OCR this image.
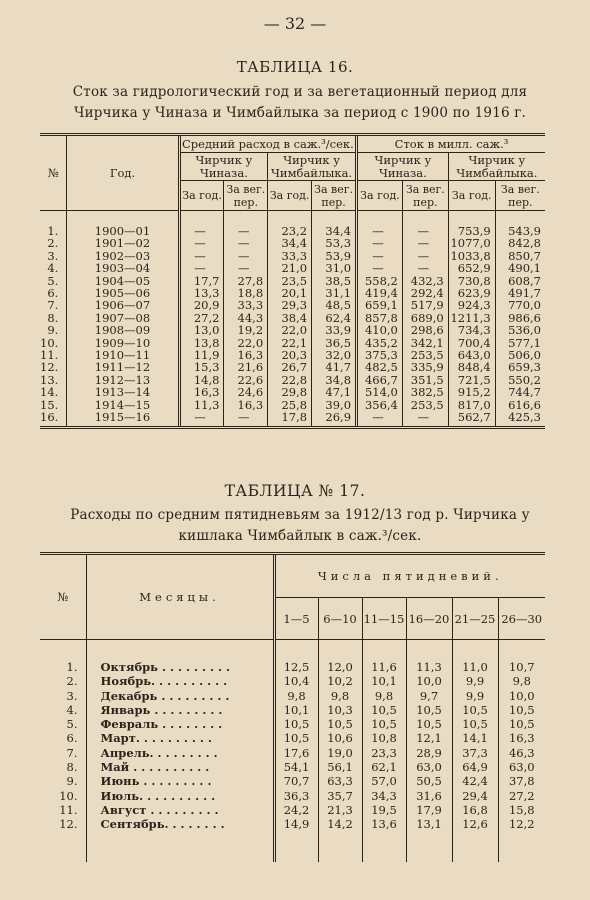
— 32 —
ТАБЛИЦА 16.
Сток за гидрологический год и за вегетационный период для Чирчика у Чиназа и Чимбайлыка за период с 1900 по 1916 г.
№	Год.	Средний расход в саж.³/сек.				Сток в милл. саж.³			
		Чирчик у Чиназа.		Чирчик у Чимбайлыка.		Чирчик у Чиназа.		Чирчик у Чимбайлыка.	
		За год.	За вег. пер.	За год.	За вег. пер.	За год.	За вег. пер.	За год.	За вег. пер.
1.	1900—01	—	—	23,2	34,4	—	—	753,9	543,9
2.	1901—02	—	—	34,4	53,3	—	—	1077,0	842,8
3.	1902—03	—	—	33,3	53,9	—	—	1033,8	850,7
4.	1903—04	—	—	21,0	31,0	—	—	652,9	490,1
5.	1904—05	17,7	27,8	23,5	38,5	558,2	432,3	730,8	608,7
6.	1905—06	13,3	18,8	20,1	31,1	419,4	292,4	623,9	491,7
7.	1906—07	20,9	33,3	29,3	48,5	659,1	517,9	924,3	770,0
8.	1907—08	27,2	44,3	38,4	62,4	857,8	689,0	1211,3	986,6
9.	1908—09	13,0	19,2	22,0	33,9	410,0	298,6	734,3	536,0
10.	1909—10	13,8	22,0	22,1	36,5	435,2	342,1	700,4	577,1
11.	1910—11	11,9	16,3	20,3	32,0	375,3	253,5	643,0	506,0
12.	1911—12	15,3	21,6	26,7	41,7	482,5	335,9	848,4	659,3
13.	1912—13	14,8	22,6	22,8	34,8	466,7	351,5	721,5	550,2
14.	1913—14	16,3	24,6	29,8	47,1	514,0	382,5	915,2	744,7
15.	1914—15	11,3	16,3	25,8	39,0	356,4	253,5	817,0	616,6
16.	1915—16	—	—	17,8	26,9	—	—	562,7	425,3
ТАБЛИЦА № 17.
Расходы по средним пятидневьям за 1912/13 год р. Чирчика у кишлака Чимбайлык в саж.³/сек.
№	Месяцы.	Числа пятидневий.					
		1—5	6—10	11—15	16—20	21—25	26—30
1.	Октябрь . . . . . . . . .	12,5	12,0	11,6	11,3	11,0	10,7
2.	Ноябрь. . . . . . . . . .	10,4	10,2	10,1	10,0	9,9	9,8
3.	Декабрь . . . . . . . . .	9,8	9,8	9,8	9,7	9,9	10,0
4.	Январь . . . . . . . . .	10,1	10,3	10,5	10,5	10,5	10,5
5.	Февраль . . . . . . . .	10,5	10,5	10,5	10,5	10,5	10,5
6.	Март. . . . . . . . . .	10,5	10,6	10,8	12,1	14,1	16,3
7.	Апрель. . . . . . . . .	17,6	19,0	23,3	28,9	37,3	46,3
8.	Май . . . . . . . . . .	54,1	56,1	62,1	63,0	64,9	63,0
9.	Июнь . . . . . . . . .	70,7	63,3	57,0	50,5	42,4	37,8
10.	Июль. . . . . . . . . .	36,3	35,7	34,3	31,6	29,4	27,2
11.	Август . . . . . . . . .	24,2	21,3	19,5	17,9	16,8	15,8
12.	Сентябрь. . . . . . . .	14,9	14,2	13,6	13,1	12,6	12,2
